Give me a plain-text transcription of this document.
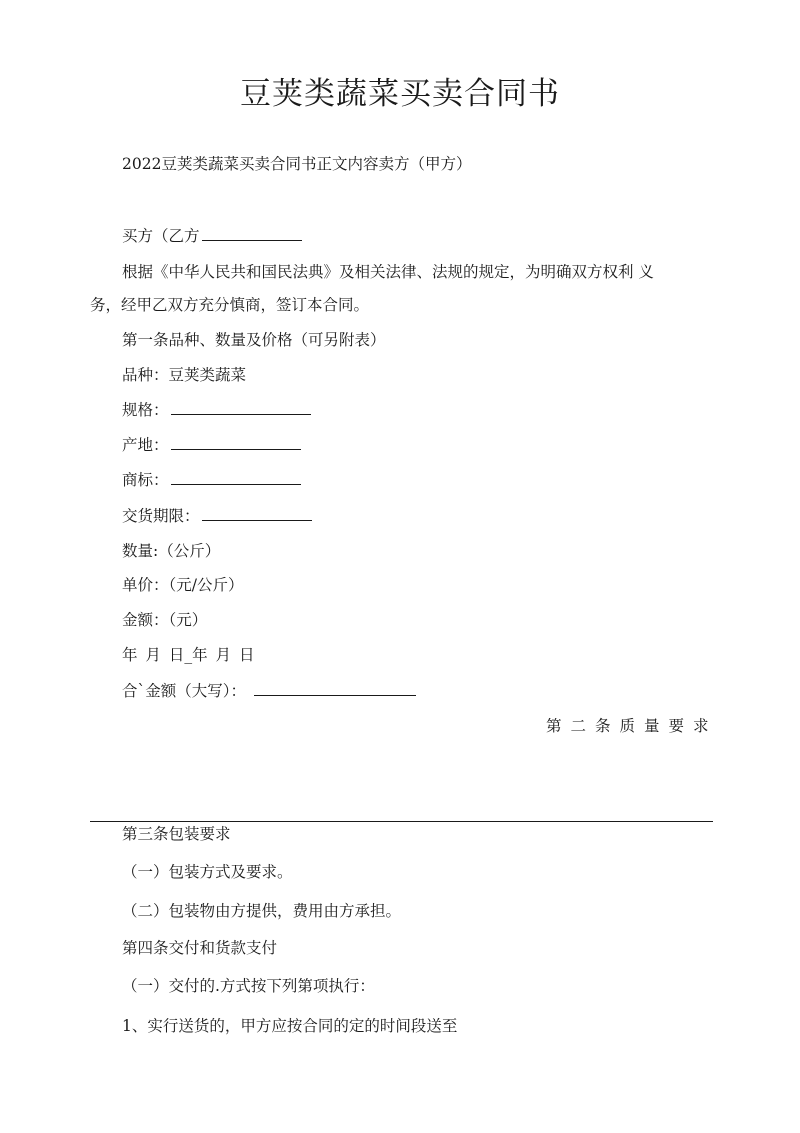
豆荚类蔬菜买卖合同书
2022豆荚类蔬菜买卖合同书正文内容卖方（甲方）
买方（乙方
根据《中华人民共和国民法典》及相关法律、法规的规定，为明确双方权利 义
务，经甲乙双方充分慎商，签订本合同。
第一条品种、数量及价格（可另附表）
品种：豆荚类蔬菜
规格：
产地：
商标：
交货期限：
数量:（公斤）
单价：（元/公斤）
金额：（元）
年 月 日_年 月 日
合`金额（大写）：
第二条质量要求
第三条包装要求
（一）包装方式及要求。
（二）包装物由方提供，费用由方承担。
第四条交付和货款支付
（一）交付的.方式按下列第项执行：
1、实行送货的，甲方应按合同的定的时间段送至
